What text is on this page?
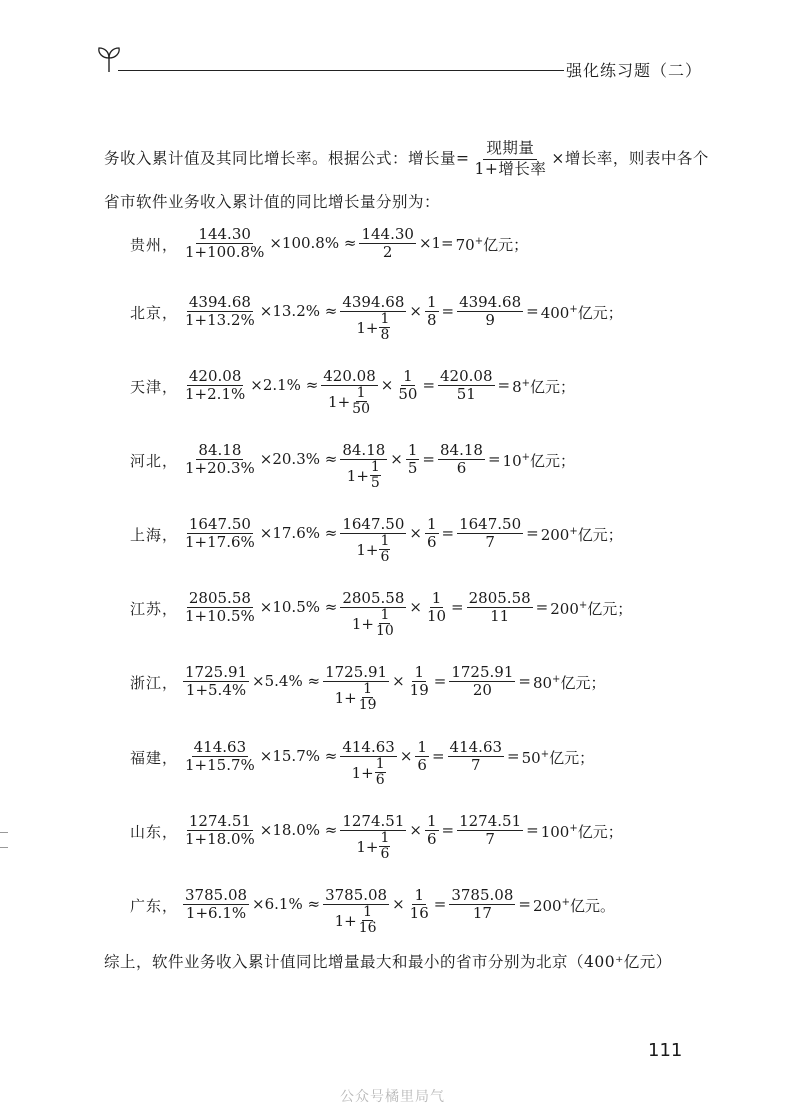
强化练习题（二）
务收入累计值及其同比增长率。根据公式：增长量= $\frac{\text{现期量}}{\text{1+增长率}}$ ×增长率，则表中各个
省市软件业务收入累计值的同比增长量分别为：
贵州， $\frac{144.30}{1+100.8\%} \times 100.8\% \approx \frac{144.30}{2} \times 1= 70^+$亿元；
北京， $\frac{4394.68}{1+13.2\%} \times 13.2\% \approx \frac{4394.68}{1+ \frac{1}{8}} \times \frac{1}{8} = \frac{4394.68}{9} = 400^+$亿元；
天津， $\frac{420.08}{1+2.1\%} \times 2.1\% \approx \frac{420.08}{1+ \frac{1}{50}} \times \frac{1}{50} = \frac{420.08}{51} = 8^+$亿元；
河北， $\frac{84.18}{1+20.3\%} \times 20.3\% \approx \frac{84.18}{1+ \frac{1}{5}} \times \frac{1}{5} = \frac{84.18}{6} = 10^+$亿元；
上海， $\frac{1647.50}{1+17.6\%} \times 17.6\% \approx \frac{1647.50}{1+ \frac{1}{6}} \times \frac{1}{6} = \frac{1647.50}{7} = 200^+$亿元；
江苏， $\frac{2805.58}{1+10.5\%} \times 10.5\% \approx \frac{2805.58}{1+ \frac{1}{10}} \times \frac{1}{10} = \frac{2805.58}{11} = 200^+$亿元；
浙江， $\frac{1725.91}{1+5.4\%} \times 5.4\% \approx \frac{1725.91}{1+ \frac{1}{19}} \times \frac{1}{19} = \frac{1725.91}{20} = 80^+$亿元；
福建， $\frac{414.63}{1+15.7\%} \times 15.7\% \approx \frac{414.63}{1+ \frac{1}{6}} \times \frac{1}{6} = \frac{414.63}{7} = 50^+$亿元；
山东， $\frac{1274.51}{1+18.0\%} \times 18.0\% \approx \frac{1274.51}{1+ \frac{1}{6}} \times \frac{1}{6} = \frac{1274.51}{7} = 100^+$亿元；
广东， $\frac{3785.08}{1+6.1\%} \times 6.1\% \approx \frac{3785.08}{1+ \frac{1}{16}} \times \frac{1}{16} = \frac{3785.08}{17} = 200^+$亿元。
综上，软件业务收入累计值同比增量最大和最小的省市分别为北京（400⁺亿元）
111
公众号橘里局气
